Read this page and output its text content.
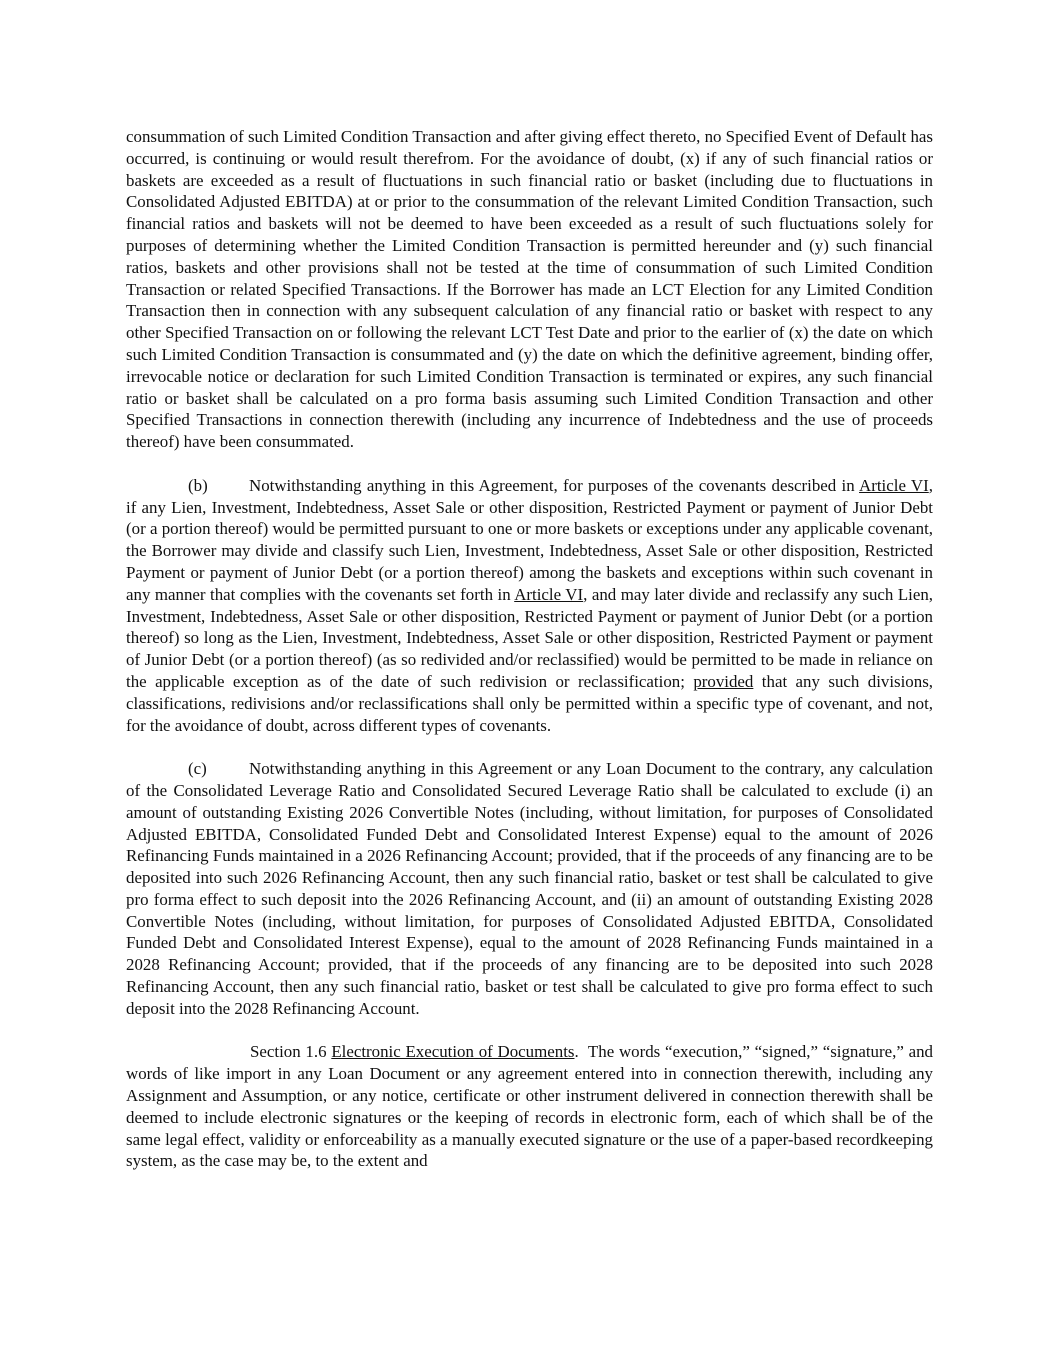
consummation of such Limited Condition Transaction and after giving effect thereto, no Specified Event of Default has occurred, is continuing or would result therefrom. For the avoidance of doubt, (x) if any of such financial ratios or baskets are exceeded as a result of fluctuations in such financial ratio or basket (including due to fluctuations in Consolidated Adjusted EBITDA) at or prior to the consummation of the relevant Limited Condition Transaction, such financial ratios and baskets will not be deemed to have been exceeded as a result of such fluctuations solely for purposes of determining whether the Limited Condition Transaction is permitted hereunder and (y) such financial ratios, baskets and other provisions shall not be tested at the time of consummation of such Limited Condition Transaction or related Specified Transactions. If the Borrower has made an LCT Election for any Limited Condition Transaction then in connection with any subsequent calculation of any financial ratio or basket with respect to any other Specified Transaction on or following the relevant LCT Test Date and prior to the earlier of (x) the date on which such Limited Condition Transaction is consummated and (y) the date on which the definitive agreement, binding offer, irrevocable notice or declaration for such Limited Condition Transaction is terminated or expires, any such financial ratio or basket shall be calculated on a pro forma basis assuming such Limited Condition Transaction and other Specified Transactions in connection therewith (including any incurrence of Indebtedness and the use of proceeds thereof) have been consummated.

(b) Notwithstanding anything in this Agreement, for purposes of the covenants described in Article VI, if any Lien, Investment, Indebtedness, Asset Sale or other disposition, Restricted Payment or payment of Junior Debt (or a portion thereof) would be permitted pursuant to one or more baskets or exceptions under any applicable covenant, the Borrower may divide and classify such Lien, Investment, Indebtedness, Asset Sale or other disposition, Restricted Payment or payment of Junior Debt (or a portion thereof) among the baskets and exceptions within such covenant in any manner that complies with the covenants set forth in Article VI, and may later divide and reclassify any such Lien, Investment, Indebtedness, Asset Sale or other disposition, Restricted Payment or payment of Junior Debt (or a portion thereof) so long as the Lien, Investment, Indebtedness, Asset Sale or other disposition, Restricted Payment or payment of Junior Debt (or a portion thereof) (as so redivided and/or reclassified) would be permitted to be made in reliance on the applicable exception as of the date of such redivision or reclassification; provided that any such divisions, classifications, redivisions and/or reclassifications shall only be permitted within a specific type of covenant, and not, for the avoidance of doubt, across different types of covenants.

(c)	Notwithstanding anything in this Agreement or any Loan Document to the contrary, any calculation of the Consolidated Leverage Ratio and Consolidated Secured Leverage Ratio shall be calculated to exclude (i) an amount of outstanding Existing 2026 Convertible Notes (including, without limitation, for purposes of Consolidated Adjusted EBITDA, Consolidated Funded Debt and Consolidated Interest Expense) equal to the amount of 2026 Refinancing Funds maintained in a 2026 Refinancing Account; provided, that if the proceeds of any financing are to be deposited into such 2026 Refinancing Account, then any such financial ratio, basket or test shall be calculated to give pro forma effect to such deposit into the 2026 Refinancing Account, and (ii) an amount of outstanding Existing 2028 Convertible Notes (including, without limitation, for purposes of Consolidated Adjusted EBITDA, Consolidated Funded Debt and Consolidated Interest Expense), equal to the amount of 2028 Refinancing Funds maintained in a 2028 Refinancing Account; provided, that if the proceeds of any financing are to be deposited into such 2028 Refinancing Account, then any such financial ratio, basket or test shall be calculated to give pro forma effect to such deposit into the 2028 Refinancing Account.

Section 1.6 Electronic Execution of Documents.  The words “execution,” “signed,” “signature,” and words of like import in any Loan Document or any agreement entered into in connection therewith, including any Assignment and Assumption, or any notice, certificate or other instrument delivered in connection therewith shall be deemed to include electronic signatures or the keeping of records in electronic form, each of which shall be of the same legal effect, validity or enforceability as a manually executed signature or the use of a paper-based recordkeeping system, as the case may be, to the extent and
